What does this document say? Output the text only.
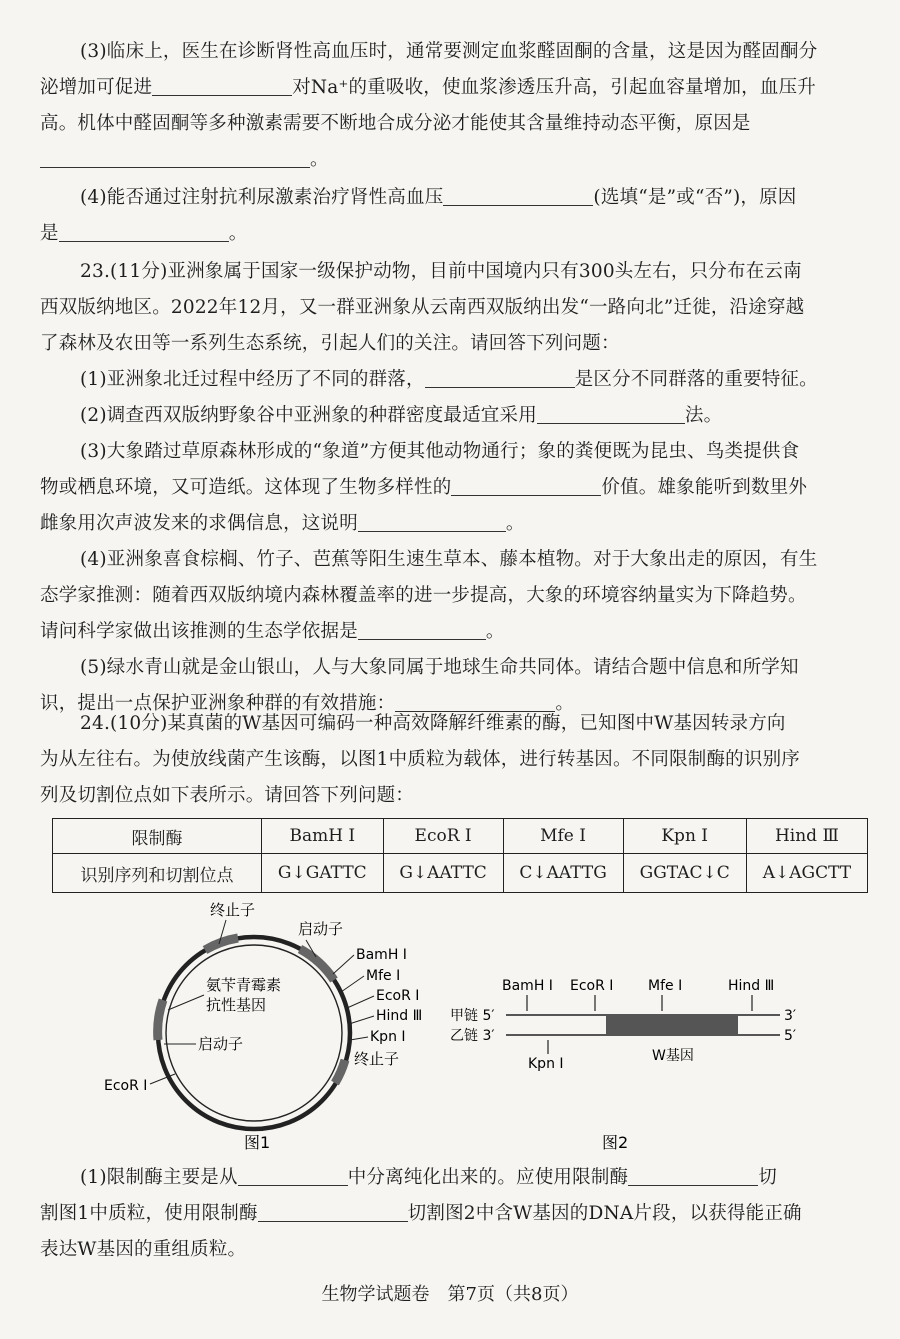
(3)临床上，医生在诊断肾性高血压时，通常要测定血浆醛固酮的含量，这是因为醛固酮分

泌增加可促进	对Na⁺的重吸收，使血浆渗透压升高，引起血容量增加，血压升

高。机体中醛固酮等多种激素需要不断地合成分泌才能使其含量维持动态平衡，原因是

。

(4)能否通过注射抗利尿激素治疗肾性高血压	(选填“是”或“否”)，原因

是	。

23.(11分)亚洲象属于国家一级保护动物，目前中国境内只有300头左右，只分布在云南

西双版纳地区。2022年12月，又一群亚洲象从云南西双版纳出发“一路向北”迁徙，沿途穿越

了森林及农田等一系列生态系统，引起人们的关注。请回答下列问题：

(1)亚洲象北迁过程中经历了不同的群落，	是区分不同群落的重要特征。

(2)调查西双版纳野象谷中亚洲象的种群密度最适宜采用	法。

(3)大象踏过草原森林形成的“象道”方便其他动物通行；象的粪便既为昆虫、鸟类提供食

物或栖息环境，又可造纸。这体现了生物多样性的	价值。雄象能听到数里外

雌象用次声波发来的求偶信息，这说明	。

(4)亚洲象喜食棕榈、竹子、芭蕉等阳生速生草本、藤本植物。对于大象出走的原因，有生

态学家推测：随着西双版纳境内森林覆盖率的进一步提高，大象的环境容纳量实为下降趋势。

请问科学家做出该推测的生态学依据是	。

(5)绿水青山就是金山银山，人与大象同属于地球生命共同体。请结合题中信息和所学知

识，提出一点保护亚洲象种群的有效措施：	。

24.(10分)某真菌的W基因可编码一种高效降解纤维素的酶，已知图中W基因转录方向

为从左往右。为使放线菌产生该酶，以图1中质粒为载体，进行转基因。不同限制酶的识别序

列及切割位点如下表所示。请回答下列问题：

限制酶	BamH I	EcoR I	Mfe I	Kpn I	Hind Ⅲ
识别序列和切割位点	G↓GATTC	G↓AATTC	C↓AATTG	GGTAC↓C	A↓AGCTT
终止子
启动子
BamH Ⅰ
Mfe Ⅰ
EcoR Ⅰ
Hind Ⅲ
Kpn Ⅰ
终止子
氨苄青霉素
抗性基因
启动子
EcoR Ⅰ
图1
BamH Ⅰ EcoR Ⅰ Mfe Ⅰ	Hind Ⅲ
甲链 5′
乙链 3′
3′
5′
Kpn Ⅰ	W基因
图2

(1)限制酶主要是从	中分离纯化出来的。应使用限制酶	切

割图1中质粒，使用限制酶	切割图2中含W基因的DNA片段，以获得能正确

表达W基因的重组质粒。

生物学试题卷　第7页（共8页）
